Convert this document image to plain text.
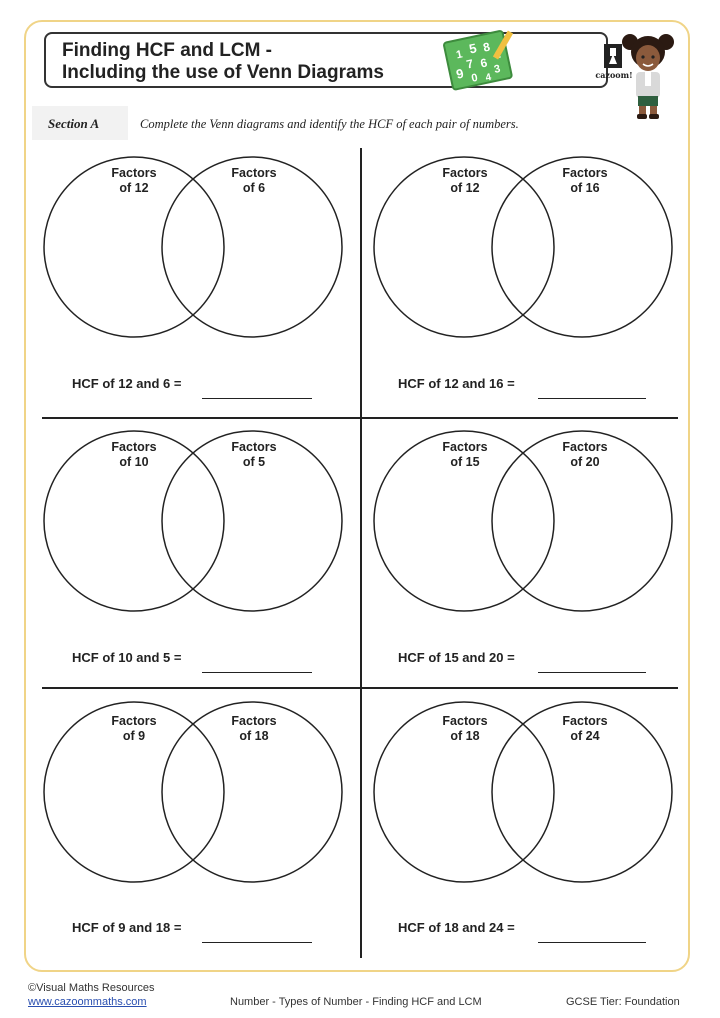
Finding HCF and LCM -
Including the use of Venn Diagrams	cazoom!
1 5 8
7 6
9	3
0 4
Section A	Complete the Venn diagrams and identify the HCF of each pair of numbers.
Factors
of 12
Factors
of 6
HCF of 12 and 6 =
Factors
of 12
Factors
of 16
HCF of 12 and 16 =
Factors
of 10
Factors
of 5
HCF of 10 and 5 =
Factors
of 15
Factors
of 20
HCF of 15 and 20 =
Factors
of 9
Factors
of 18
HCF of 9 and 18 =
Factors
of 18
Factors
of 24
HCF of 18 and 24 =
©Visual Maths Resources
www.cazoommaths.com	Number - Types of Number - Finding HCF and LCM	GCSE Tier: Foundation
